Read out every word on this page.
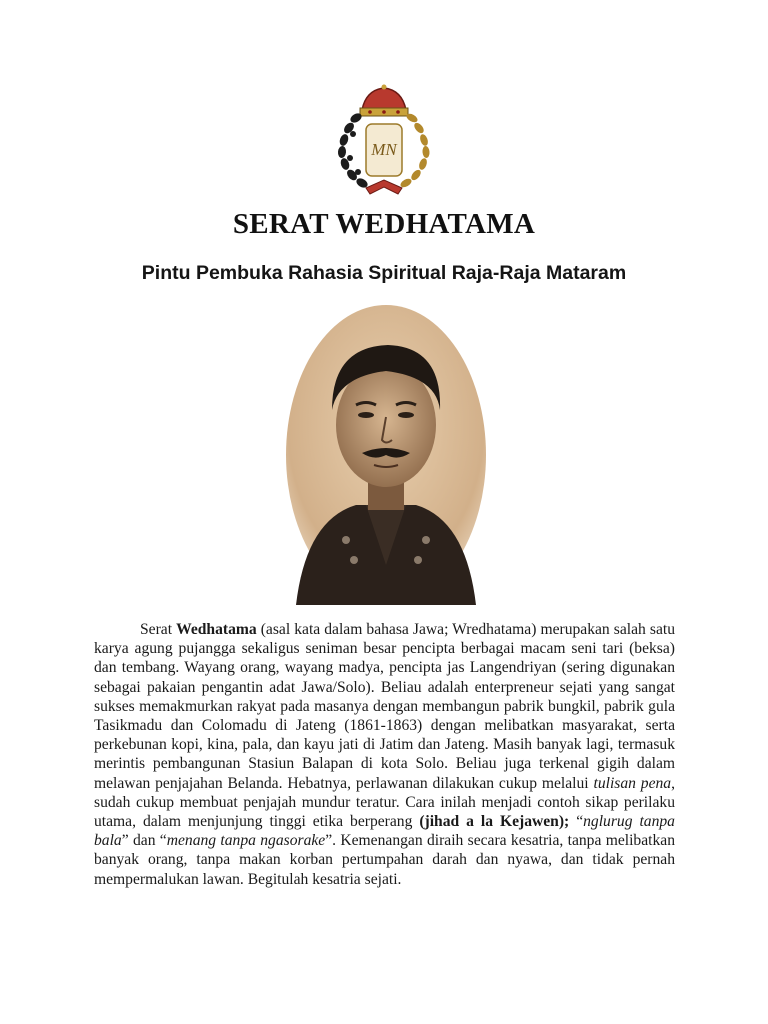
MN
SERAT WEDHATAMA
Pintu Pembuka Rahasia Spiritual Raja-Raja Mataram

Serat Wedhatama (asal kata dalam bahasa Jawa; Wredhatama) merupakan salah satu karya agung pujangga sekaligus seniman besar pencipta berbagai macam seni tari (beksa) dan tembang. Wayang orang, wayang madya, pencipta jas Langendriyan (sering digunakan sebagai pakaian pengantin adat Jawa/Solo). Beliau adalah enterpreneur sejati yang sangat sukses memakmurkan rakyat pada masanya dengan membangun pabrik bungkil, pabrik gula Tasikmadu dan Colomadu di Jateng (1861-1863) dengan melibatkan masyarakat, serta perkebunan kopi, kina, pala, dan kayu jati di Jatim dan Jateng. Masih banyak lagi, termasuk merintis pembangunan Stasiun Balapan di kota Solo. Beliau juga terkenal gigih dalam melawan penjajahan Belanda. Hebatnya, perlawanan dilakukan cukup melalui tulisan pena, sudah cukup membuat penjajah mundur teratur. Cara inilah menjadi contoh sikap perilaku utama, dalam menjunjung tinggi etika berperang (jihad a la Kejawen); “nglurug tanpa bala” dan “menang tanpa ngasorake”. Kemenangan diraih secara kesatria, tanpa melibatkan banyak orang, tanpa makan korban pertumpahan darah dan nyawa, dan tidak pernah mempermalukan lawan. Begitulah kesatria sejati.
